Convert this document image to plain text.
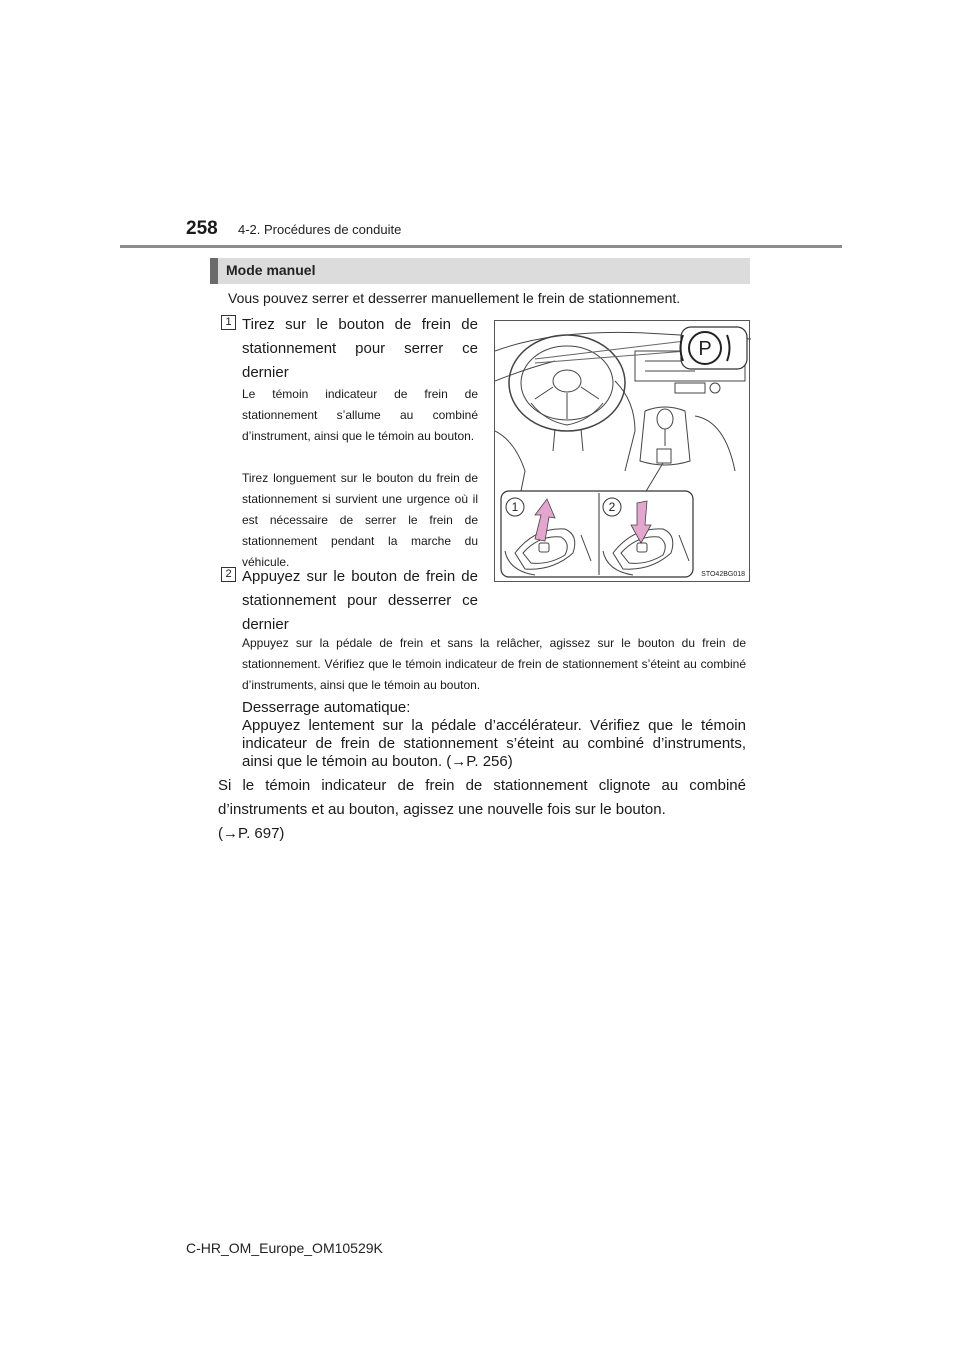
258 4-2. Procédures de conduite
Mode manuel
Vous pouvez serrer et desserrer manuellement le frein de stationnement.
1 Tirez sur le bouton de frein de stationnement pour serrer ce dernier
Le témoin indicateur de frein de stationnement s’allume au combiné d’instrument, ainsi que le témoin au bouton.
Tirez longuement sur le bouton du frein de stationnement si survient une urgence où il est nécessaire de serrer le frein de stationnement pendant la marche du véhicule.
2 Appuyez sur le bouton de frein de stationnement pour desserrer ce dernier
Appuyez sur la pédale de frein et sans la relâcher, agissez sur le bouton du frein de stationnement. Vérifiez que le témoin indicateur de frein de stationnement s’éteint au combiné d’instruments, ainsi que le témoin au bouton.
Desserrage automatique:
Appuyez lentement sur la pédale d’accélérateur. Vérifiez que le témoin indicateur de frein de stationnement s’éteint au combiné d’instruments, ainsi que le témoin au bouton. (→P. 256)
Si le témoin indicateur de frein de stationnement clignote au combiné d’instruments et au bouton, agissez une nouvelle fois sur le bouton.
(→P. 697)
P
1	2
STO42BG018
C-HR_OM_Europe_OM10529K
